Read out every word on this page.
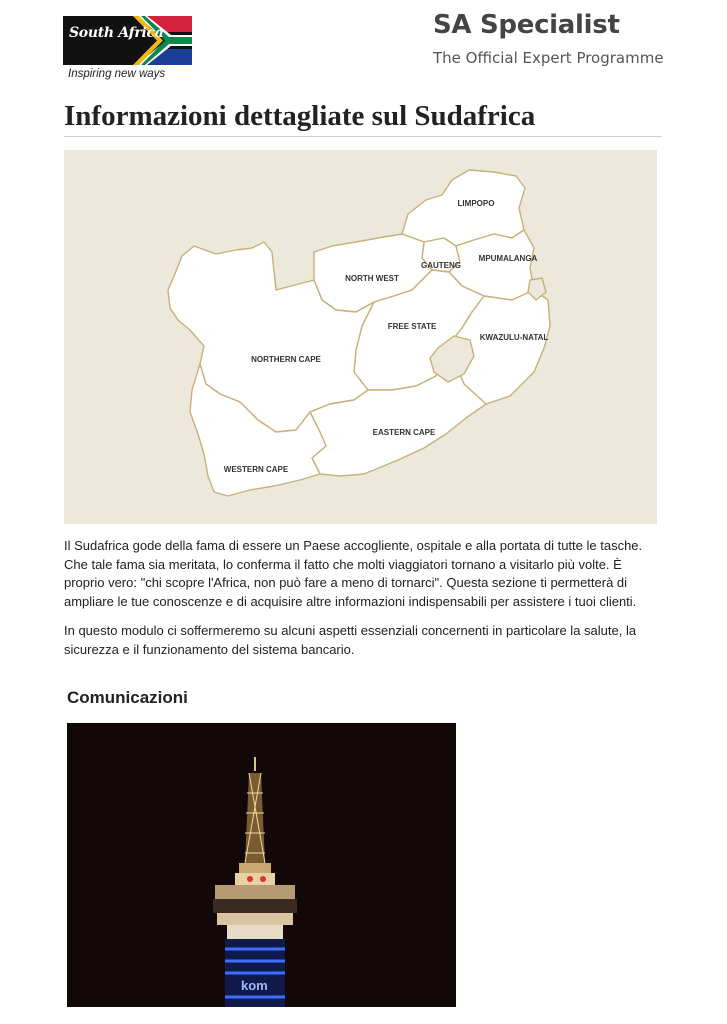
South Africa
Inspiring new ways
SA Specialist
The Official Expert Programme
Informazioni dettagliate sul Sudafrica
LIMPOPO
GAUTENG
MPUMALANGA
NORTH WEST
FREE STATE
KWAZULU-NATAL
NORTHERN CAPE
EASTERN CAPE
WESTERN CAPE

Il Sudafrica gode della fama di essere un Paese accogliente, ospitale e alla portata di tutte le tasche. Che tale fama sia meritata, lo conferma il fatto che molti viaggiatori tornano a visitarlo più volte. È proprio vero: "chi scopre l'Africa, non può fare a meno di tornarci". Questa sezione ti permetterà di ampliare le tue conoscenze e di acquisire altre informazioni indispensabili per assistere i tuoi clienti.

In questo modulo ci soffermeremo su alcuni aspetti essenziali concernenti in particolare la salute, la sicurezza e il funzionamento del sistema bancario.

Comunicazioni
kom
